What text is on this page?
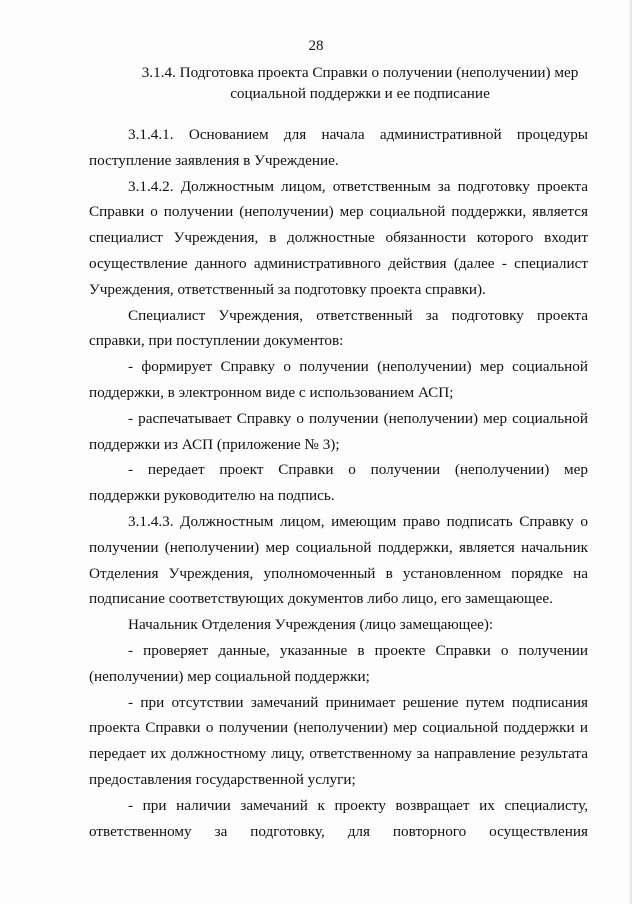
28
3.1.4. Подготовка проекта Справки о получении (неполучении) мер
социальной поддержки и ее подписание
3.1.4.1. Основанием для начала административной процедуры
поступление заявления в Учреждение.
3.1.4.2. Должностным лицом, ответственным за подготовку проекта
Справки о получении (неполучении) мер социальной поддержки, является
специалист Учреждения, в должностные обязанности которого входит
осуществление данного административного действия (далее - специалист
Учреждения, ответственный за подготовку проекта справки).
Специалист Учреждения, ответственный за подготовку проекта
справки, при поступлении документов:
- формирует Справку о получении (неполучении) мер социальной
поддержки, в электронном виде с использованием АСП;
- распечатывает Справку о получении (неполучении) мер социальной
поддержки из АСП (приложение № 3);
- передает проект Справки о получении (неполучении) мер
поддержки руководителю на подпись.
3.1.4.3. Должностным лицом, имеющим право подписать Справку о
получении (неполучении) мер социальной поддержки, является начальник
Отделения Учреждения, уполномоченный в установленном порядке на
подписание соответствующих документов либо лицо, его замещающее.
Начальник Отделения Учреждения (лицо замещающее):
- проверяет данные, указанные в проекте Справки о получении
(неполучении) мер социальной поддержки;
- при отсутствии замечаний принимает решение путем подписания
проекта Справки о получении (неполучении) мер социальной поддержки и
передает их должностному лицу, ответственному за направление результата
предоставления государственной услуги;
- при наличии замечаний к проекту возвращает их специалисту,
ответственному за подготовку, для повторного осуществления
